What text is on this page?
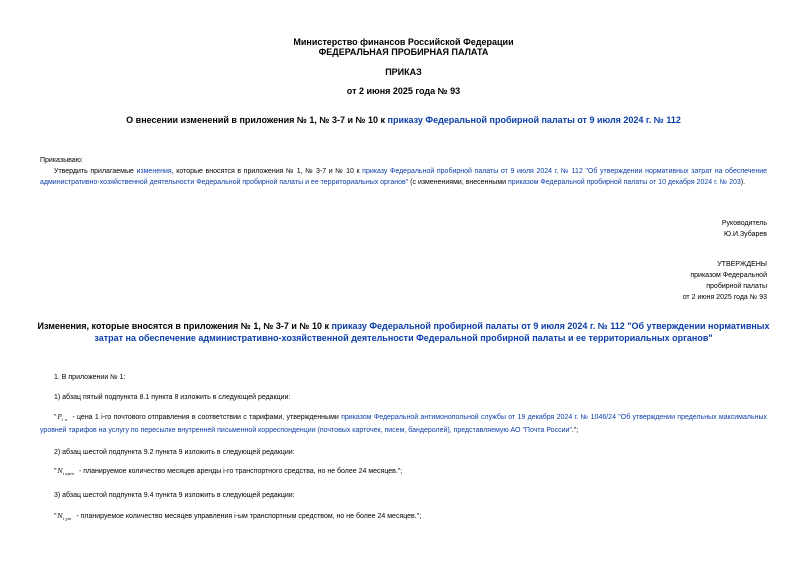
Министерство финансов Российской Федерации
ФЕДЕРАЛЬНАЯ ПРОБИРНАЯ ПАЛАТА
ПРИКАЗ
от 2 июня 2025 года № 93
О внесении изменений в приложения № 1, № 3-7 и № 10 к приказу Федеральной пробирной палаты от 9 июля 2024 г. № 112
Приказываю:
Утвердить прилагаемые изменения, которые вносятся в приложения № 1, № 3-7 и № 10 к приказу Федеральной пробирной палаты от 9 июля 2024 г. № 112 "Об утверждении нормативных затрат на обеспечение административно-хозяйственной деятельности Федеральной пробирной палаты и ее территориальных органов" (с изменениями, внесенными приказом Федеральной пробирной палаты от 10 декабря 2024 г. № 203).
Руководитель
Ю.И.Зубарев
УТВЕРЖДЕНЫ
приказом Федеральной
пробирной палаты
от 2 июня 2025 года № 93
Изменения, которые вносятся в приложения № 1, № 3-7 и № 10 к приказу Федеральной пробирной палаты от 9 июля 2024 г. № 112 "Об утверждении нормативных затрат на обеспечение административно-хозяйственной деятельности Федеральной пробирной палаты и ее территориальных органов"
1. В приложении № 1:
1) абзац пятый подпункта 8.1 пункта 8 изложить в следующей редакции:
"$P_{i п}$ - цена 1 i-го почтового отправления в соответствии с тарифами, утвержденными приказом Федеральной антимонопольной службы от 19 декабря 2024 г. № 1046/24 "Об утверждении предельных максимальных уровней тарифов на услугу по пересылке внутренней письменной корреспонденции (почтовых карточек, писем, бандеролей), представляемую АО "Почта России".";
2) абзац шестой подпункта 9.2 пункта 9 изложить в следующей редакции:
"$N_{i арт}$ - планируемое количество месяцев аренды i-го транспортного средства, но не более 24 месяцев.";
3) абзац шестой подпункта 9.4 пункта 9 изложить в следующей редакции:
"$N_{i ут}$ - планируемое количество месяцев управления i-ым транспортным средством, но не более 24 месяцев.";
